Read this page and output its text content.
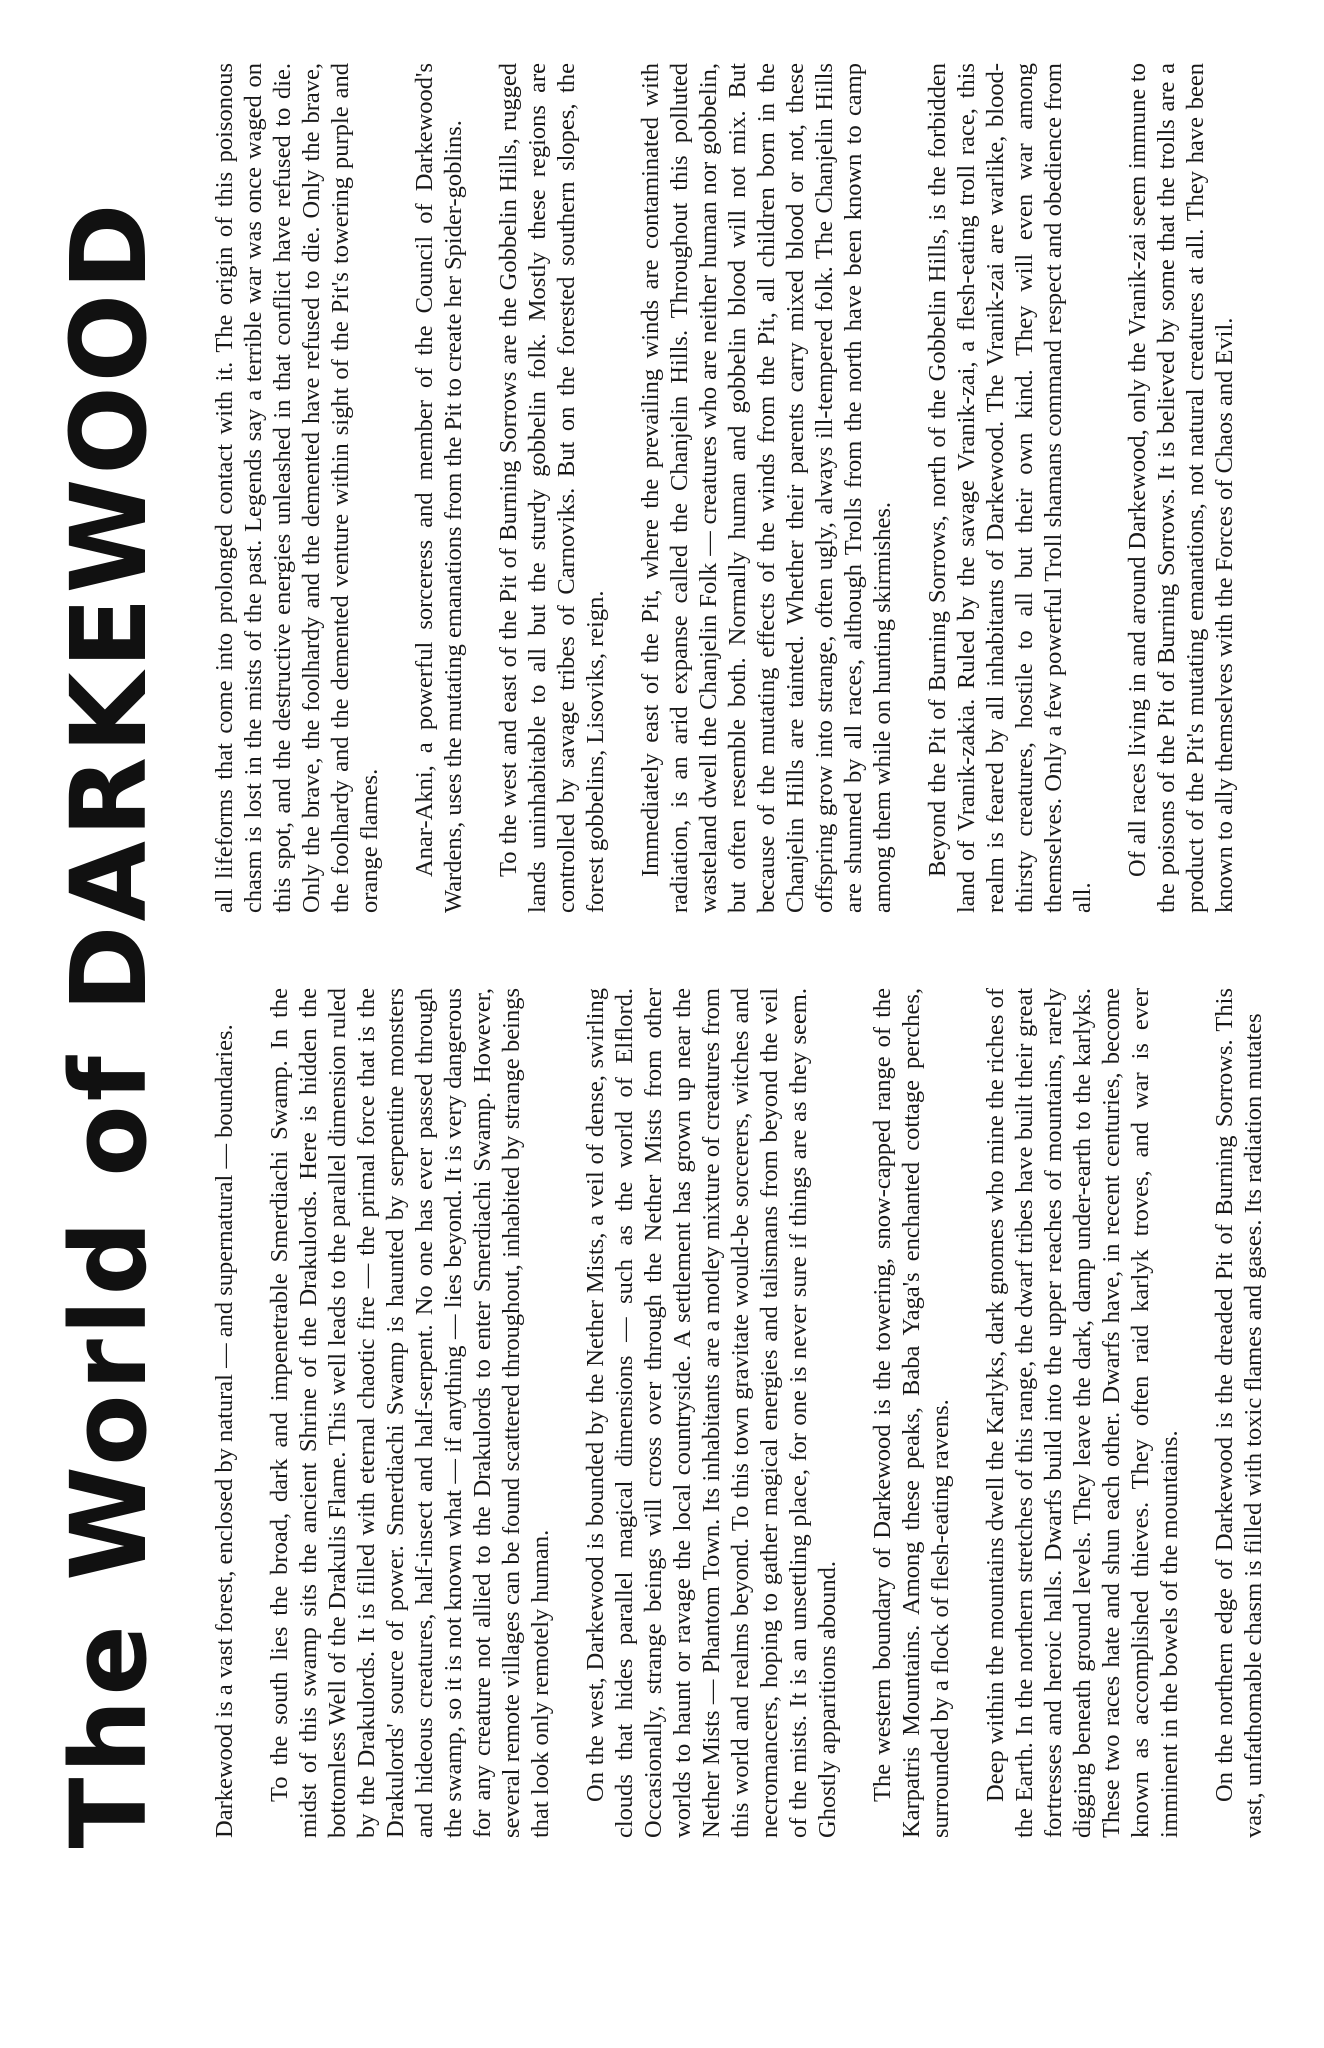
The World of DARKEWOOD Darkewood is a vast forest, enclosed by natural — and supernatural — boundaries. To the south lies the broad, dark and impenetrable Smerdiachi Swamp. In the midst of this swamp sits the ancient Shrine of the Drakulords. Here is hidden the bottomless Well of the Drakulis Flame. This well leads to the parallel dimension ruled by the Drakulords. It is filled with eternal chaotic fire — the primal force that is the Drakulords' source of power. Smerdiachi Swamp is haunted by serpentine monsters and hideous creatures, half-insect and half-serpent. No one has ever passed through the swamp, so it is not known what — if anything — lies beyond. It is very dangerous for any creature not allied to the Drakulords to enter Smerdiachi Swamp. However, several remote villages can be found scattered throughout, inhabited by strange beings that look only remotely human. On the west, Darkewood is bounded by the Nether Mists, a veil of dense, swirling clouds that hides parallel magical dimensions — such as the world of Elflord. Occasionally, strange beings will cross over through the Nether Mists from other worlds to haunt or ravage the local countryside. A settlement has grown up near the Nether Mists — Phantom Town. Its inhabitants are a motley mixture of creatures from this world and realms beyond. To this town gravitate would-be sorcerers, witches and necromancers, hoping to gather magical energies and talismans from beyond the veil of the mists. It is an unsettling place, for one is never sure if things are as they seem. Ghostly apparitions abound. The western boundary of Darkewood is the towering, snow-capped range of the Karpatris Mountains. Among these peaks, Baba Yaga's enchanted cottage perches, surrounded by a flock of flesh-eating ravens. Deep within the mountains dwell the Karlyks, dark gnomes who mine the riches of the Earth. In the northern stretches of this range, the dwarf tribes have built their great fortresses and heroic halls. Dwarfs build into the upper reaches of mountains, rarely digging beneath ground levels. They leave the dark, damp under-earth to the karlyks. These two races hate and shun each other. Dwarfs have, in recent centuries, become known as accomplished thieves. They often raid karlyk troves, and war is ever imminent in the bowels of the mountains. On the northern edge of Darkewood is the dreaded Pit of Burning Sorrows. This vast, unfathomable chasm is filled with toxic flames and gases. Its radiation mutates

all lifeforms that come into prolonged contact with it. The origin of this poisonous chasm is lost in the mists of the past. Legends say a terrible war was once waged on this spot, and the destructive energies unleashed in that conflict have refused to die. Only the brave, the foolhardy and the demented have refused to die. Only the brave, the foolhardy and the demented venture within sight of the Pit's towering purple and orange flames. Anar-Akni, a powerful sorceress and member of the Council of Darkewood's Wardens, uses the mutating emanations from the Pit to create her Spider-goblins. To the west and east of the Pit of Burning Sorrows are the Gobbelin Hills, rugged lands uninhabitable to all but the sturdy gobbelin folk. Mostly these regions are controlled by savage tribes of Carnoviks. But on the forested southern slopes, the forest gobbelins, Lisoviks, reign. Immediately east of the Pit, where the prevailing winds are contaminated with radiation, is an arid expanse called the Chanjelin Hills. Throughout this polluted wasteland dwell the Chanjelin Folk — creatures who are neither human nor gobbelin, but often resemble both. Normally human and gobbelin blood will not mix. But because of the mutating effects of the winds from the Pit, all children born in the Chanjelin Hills are tainted. Whether their parents carry mixed blood or not, these offspring grow into strange, often ugly, always ill-tempered folk. The Chanjelin Hills are shunned by all races, although Trolls from the north have been known to camp among them while on hunting skirmishes. Beyond the Pit of Burning Sorrows, north of the Gobbelin Hills, is the forbidden land of Vranik-zakia. Ruled by the savage Vranik-zai, a flesh-eating troll race, this realm is feared by all inhabitants of Darkewood. The Vranik-zai are warlike, blood-thirsty creatures, hostile to all but their own kind. They will even war among themselves. Only a few powerful Troll shamans command respect and obedience from all.

Of all races living in and around Darkewood, only the Vranik-zai seem immune to the poisons of the Pit of Burning Sorrows. It is believed by some that the trolls are a product of the Pit's mutating emanations, not natural creatures at all. They have been known to ally themselves with the Forces of Chaos and Evil.
